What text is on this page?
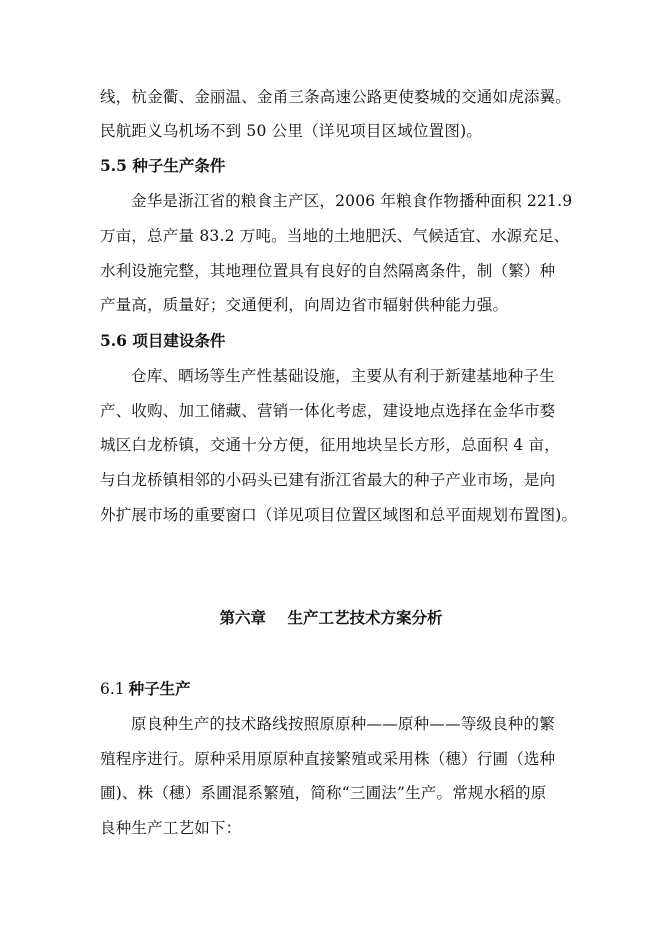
线，杭金衢、金丽温、金甬三条高速公路更使婺城的交通如虎添翼。
民航距义乌机场不到 50 公里（详见项目区域位置图)。
5.5 种子生产条件
金华是浙江省的粮食主产区，2006 年粮食作物播种面积 221.9
万亩，总产量 83.2 万吨。当地的土地肥沃、气候适宜、水源充足、
水利设施完整，其地理位置具有良好的自然隔离条件，制（繁）种
产量高，质量好；交通便利，向周边省市辐射供种能力强。
5.6 项目建设条件
仓库、晒场等生产性基础设施，主要从有利于新建基地种子生
产、收购、加工储藏、营销一体化考虑，建设地点选择在金华市婺
城区白龙桥镇，交通十分方便，征用地块呈长方形，总面积 4 亩，
与白龙桥镇相邻的小码头已建有浙江省最大的种子产业市场，是向
外扩展市场的重要窗口（详见项目位置区域图和总平面规划布置图)。
第六章    生产工艺技术方案分析
6.1 种子生产
原良种生产的技术路线按照原原种——原种——等级良种的繁
殖程序进行。原种采用原原种直接繁殖或采用株（穗）行圃（选种
圃)、株（穗）系圃混系繁殖，简称“三圃法”生产。常规水稻的原
良种生产工艺如下：
